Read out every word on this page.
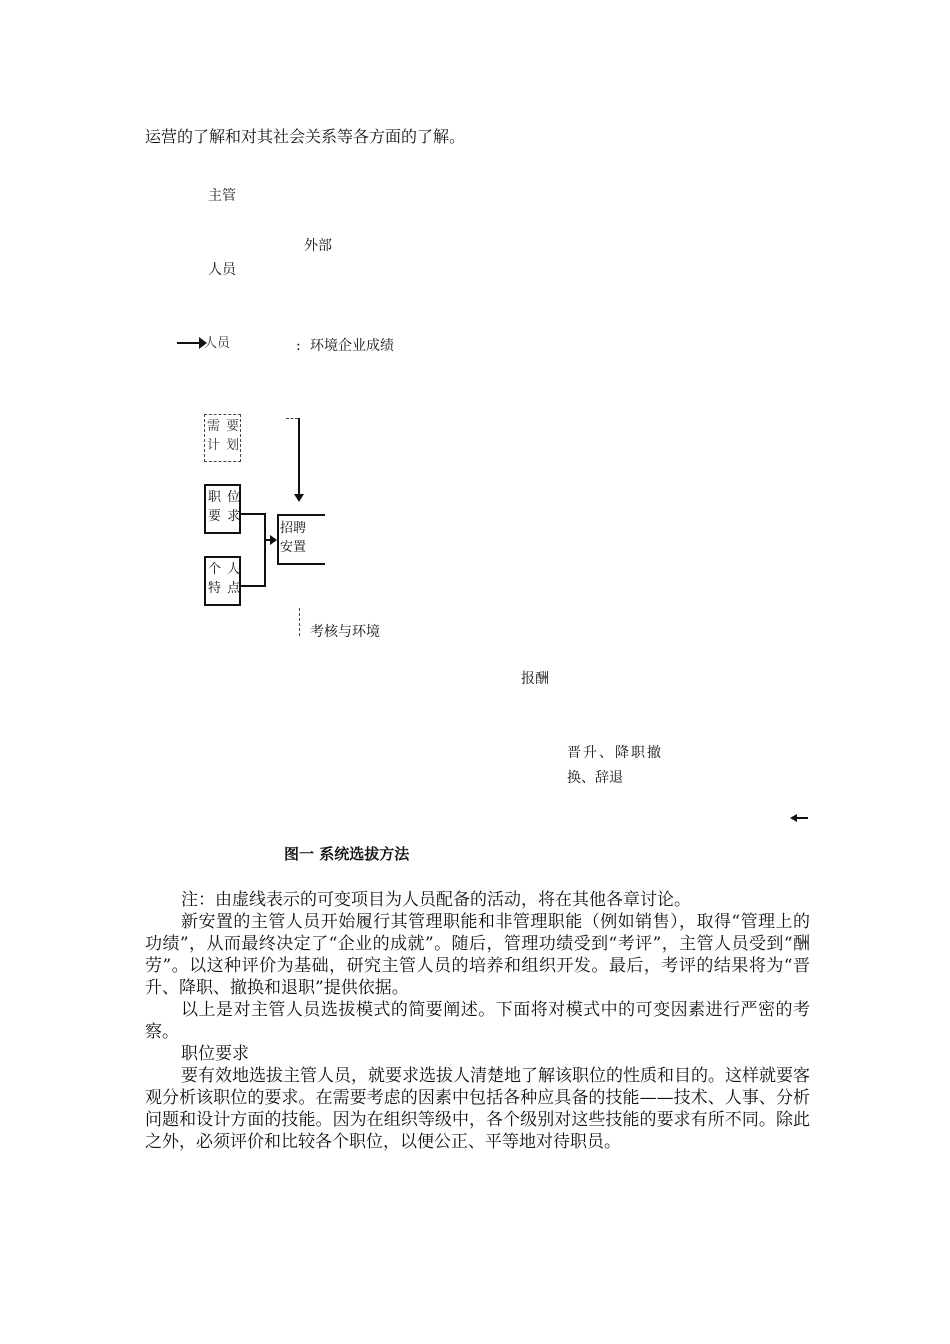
运营的了解和对其社会关系等各方面的了解。
主管
外部
人员
人员	: 环境企业成绩
需 要
计 划
职 位
要 求
个 人
特 点
招聘
安置
考核与环境
报酬
晋升、降职撤
换、辞退
图一 系统选拔方法

注：由虚线表示的可变项目为人员配备的活动，将在其他各章讨论。

新安置的主管人员开始履行其管理职能和非管理职能（例如销售），取得“管理上的功绩”，从而最终决定了“企业的成就”。随后，管理功绩受到“考评”，主管人员受到“酬劳”。以这种评价为基础，研究主管人员的培养和组织开发。最后，考评的结果将为“晋升、降职、撤换和退职”提供依据。

以上是对主管人员选拔模式的简要阐述。下面将对模式中的可变因素进行严密的考察。

职位要求

要有效地选拔主管人员，就要求选拔人清楚地了解该职位的性质和目的。这样就要客观分析该职位的要求。在需要考虑的因素中包括各种应具备的技能——技术、人事、分析问题和设计方面的技能。因为在组织等级中，各个级别对这些技能的要求有所不同。除此之外，必须评价和比较各个职位，以便公正、平等地对待职员。
